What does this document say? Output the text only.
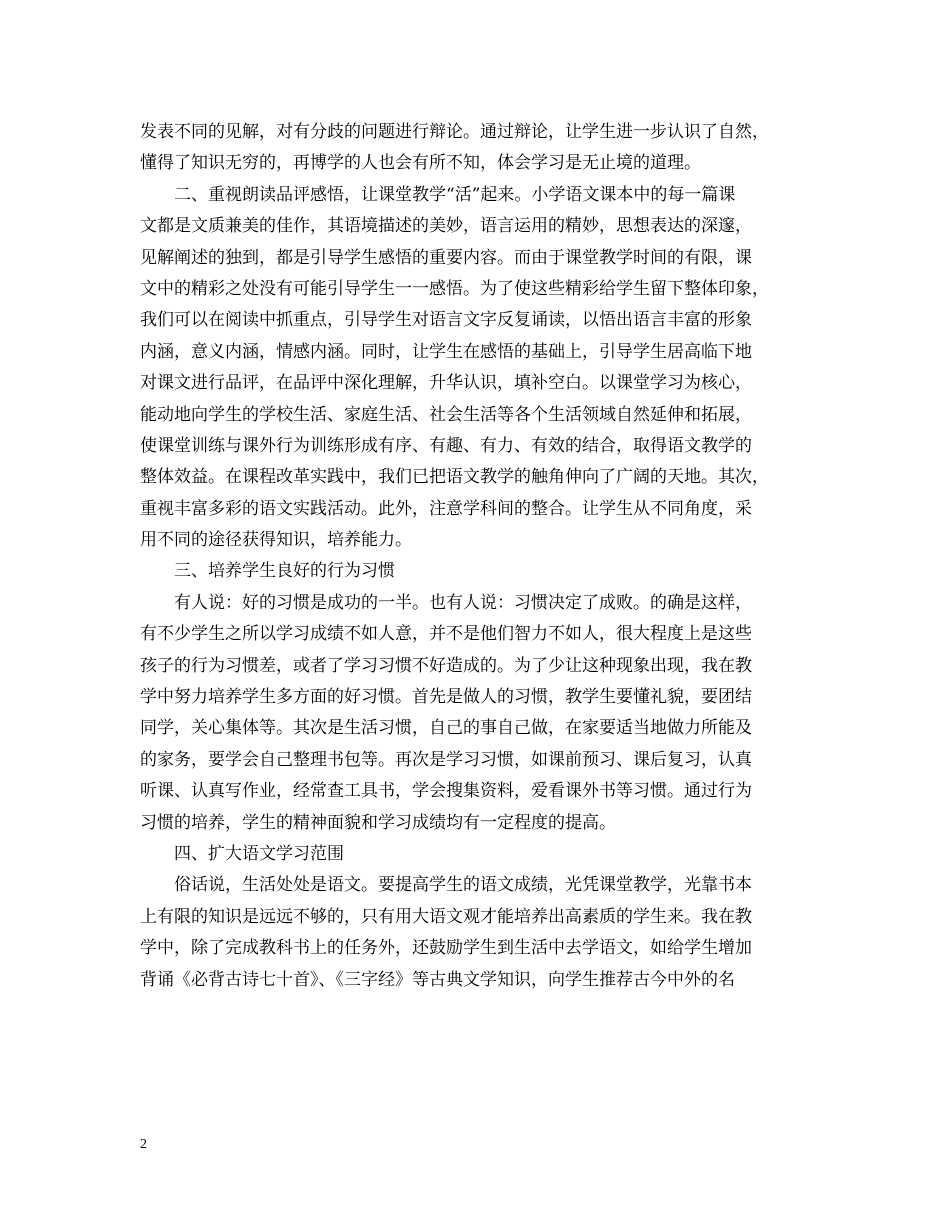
发表不同的见解，对有分歧的问题进行辩论。通过辩论，让学生进一步认识了自然，
懂得了知识无穷的，再博学的人也会有所不知，体会学习是无止境的道理。
二、重视朗读品评感悟，让课堂教学“活”起来。小学语文课本中的每一篇课
文都是文质兼美的佳作，其语境描述的美妙，语言运用的精妙，思想表达的深邃，
见解阐述的独到，都是引导学生感悟的重要内容。而由于课堂教学时间的有限，课
文中的精彩之处没有可能引导学生一一感悟。为了使这些精彩给学生留下整体印象，
我们可以在阅读中抓重点，引导学生对语言文字反复诵读，以悟出语言丰富的形象
内涵，意义内涵，情感内涵。同时，让学生在感悟的基础上，引导学生居高临下地
对课文进行品评，在品评中深化理解，升华认识，填补空白。以课堂学习为核心，
能动地向学生的学校生活、家庭生活、社会生活等各个生活领域自然延伸和拓展，
使课堂训练与课外行为训练形成有序、有趣、有力、有效的结合，取得语文教学的
整体效益。在课程改革实践中，我们已把语文教学的触角伸向了广阔的天地。其次，
重视丰富多彩的语文实践活动。此外，注意学科间的整合。让学生从不同角度，采
用不同的途径获得知识，培养能力。
三、培养学生良好的行为习惯
有人说：好的习惯是成功的一半。也有人说：习惯决定了成败。的确是这样，
有不少学生之所以学习成绩不如人意，并不是他们智力不如人，很大程度上是这些
孩子的行为习惯差，或者了学习习惯不好造成的。为了少让这种现象出现，我在教
学中努力培养学生多方面的好习惯。首先是做人的习惯，教学生要懂礼貌，要团结
同学，关心集体等。其次是生活习惯，自己的事自己做，在家要适当地做力所能及
的家务，要学会自己整理书包等。再次是学习习惯，如课前预习、课后复习，认真
听课、认真写作业，经常查工具书，学会搜集资料，爱看课外书等习惯。通过行为
习惯的培养，学生的精神面貌和学习成绩均有一定程度的提高。
四、扩大语文学习范围
俗话说，生活处处是语文。要提高学生的语文成绩，光凭课堂教学，光靠书本
上有限的知识是远远不够的，只有用大语文观才能培养出高素质的学生来。我在教
学中，除了完成教科书上的任务外，还鼓励学生到生活中去学语文，如给学生增加
背诵《必背古诗七十首》、《三字经》等古典文学知识，向学生推荐古今中外的名
2
